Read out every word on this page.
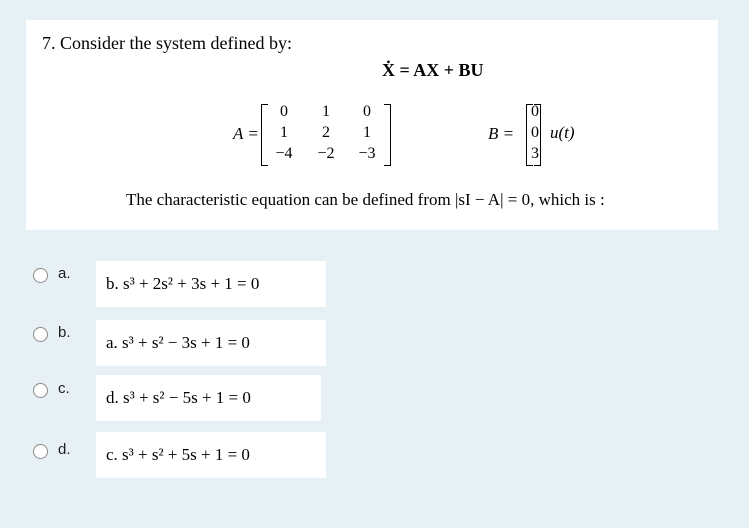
7. Consider the system defined by:
Ẋ = AX + BU
A =
0	1	0
1	2	1
−4	−2	−3
B =
0
0
3
u(t)
The characteristic equation can be defined from |sI − A| = 0, which is :
a.
b. s³ + 2s² + 3s + 1 = 0
b.
a. s³ + s² − 3s + 1 = 0
c.	d. s³ + s² − 5s + 1 = 0
d.	c. s³ + s² + 5s + 1 = 0
